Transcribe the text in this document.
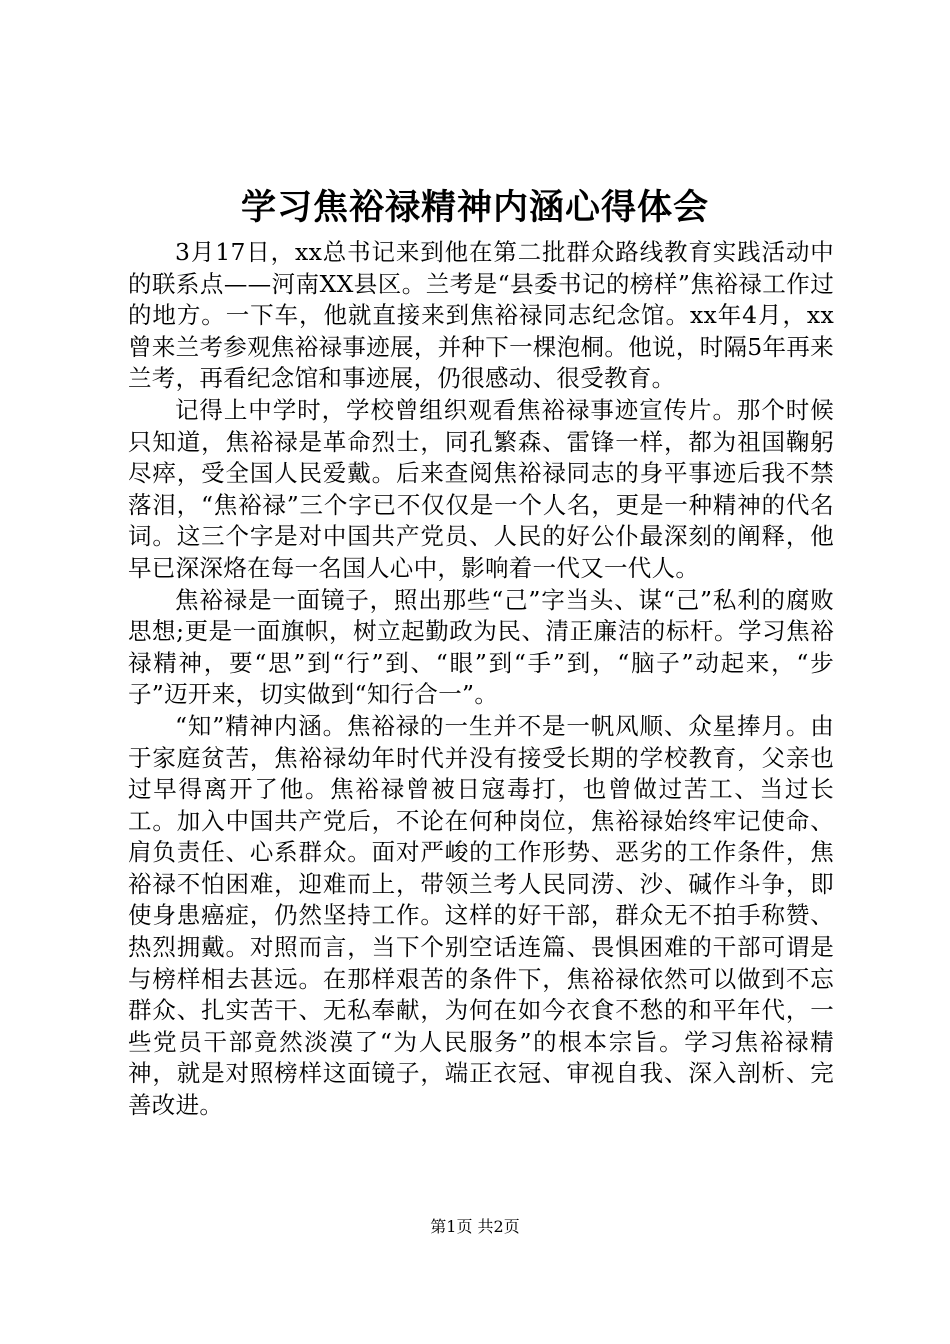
学习焦裕禄精神内涵心得体会

3月17日，xx总书记来到他在第二批群众路线教育实践活动中的联系点——河南XX县区。兰考是“县委书记的榜样”焦裕禄工作过的地方。一下车，他就直接来到焦裕禄同志纪念馆。xx年4月，xx曾来兰考参观焦裕禄事迹展，并种下一棵泡桐。他说，时隔5年再来兰考，再看纪念馆和事迹展，仍很感动、很受教育。

记得上中学时，学校曾组织观看焦裕禄事迹宣传片。那个时候只知道，焦裕禄是革命烈士，同孔繁森、雷锋一样，都为祖国鞠躬尽瘁，受全国人民爱戴。后来查阅焦裕禄同志的身平事迹后我不禁落泪，“焦裕禄”三个字已不仅仅是一个人名，更是一种精神的代名词。这三个字是对中国共产党员、人民的好公仆最深刻的阐释，他早已深深烙在每一名国人心中，影响着一代又一代人。

焦裕禄是一面镜子，照出那些“己”字当头、谋“己”私利的腐败思想;更是一面旗帜，树立起勤政为民、清正廉洁的标杆。学习焦裕禄精神，要“思”到“行”到、“眼”到“手”到，“脑子”动起来，“步子”迈开来，切实做到“知行合一”。

“知”精神内涵。焦裕禄的一生并不是一帆风顺、众星捧月。由于家庭贫苦，焦裕禄幼年时代并没有接受长期的学校教育，父亲也过早得离开了他。焦裕禄曾被日寇毒打，也曾做过苦工、当过长工。加入中国共产党后，不论在何种岗位，焦裕禄始终牢记使命、肩负责任、心系群众。面对严峻的工作形势、恶劣的工作条件，焦裕禄不怕困难，迎难而上，带领兰考人民同涝、沙、碱作斗争，即使身患癌症，仍然坚持工作。这样的好干部，群众无不拍手称赞、热烈拥戴。对照而言，当下个别空话连篇、畏惧困难的干部可谓是与榜样相去甚远。在那样艰苦的条件下，焦裕禄依然可以做到不忘群众、扎实苦干、无私奉献，为何在如今衣食不愁的和平年代，一些党员干部竟然淡漠了“为人民服务”的根本宗旨。学习焦裕禄精神，就是对照榜样这面镜子，端正衣冠、审视自我、深入剖析、完善改进。

第1页 共2页
